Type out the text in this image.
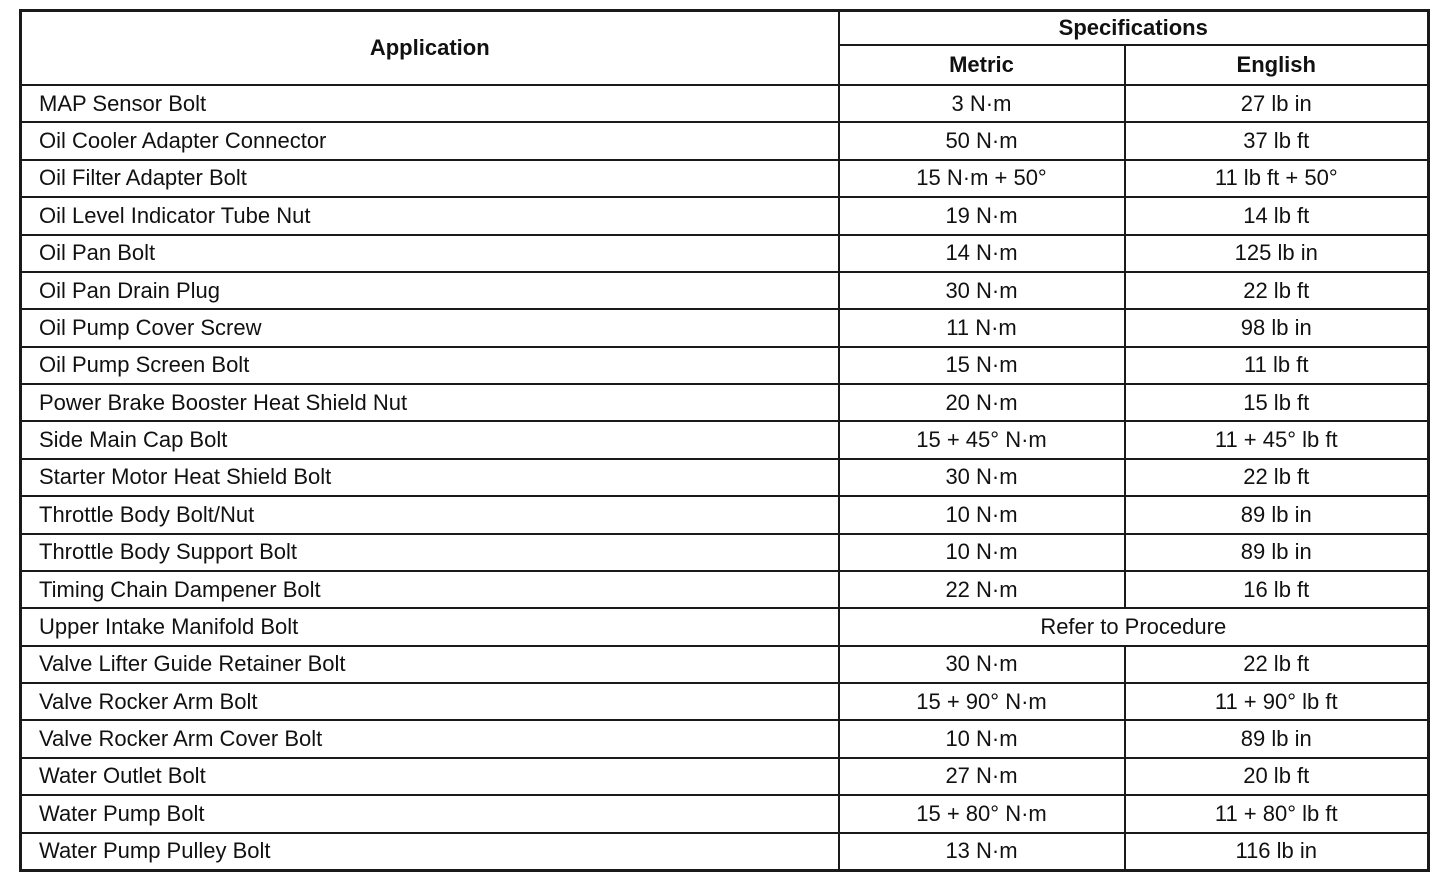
Application	Specifications	
	Metric	English
MAP Sensor Bolt	3 N·m	27 lb in
Oil Cooler Adapter Connector	50 N·m	37 lb ft
Oil Filter Adapter Bolt	15 N·m + 50°	11 lb ft + 50°
Oil Level Indicator Tube Nut	19 N·m	14 lb ft
Oil Pan Bolt	14 N·m	125 lb in
Oil Pan Drain Plug	30 N·m	22 lb ft
Oil Pump Cover Screw	11 N·m	98 lb in
Oil Pump Screen Bolt	15 N·m	11 lb ft
Power Brake Booster Heat Shield Nut	20 N·m	15 lb ft
Side Main Cap Bolt	15 + 45° N·m	11 + 45° lb ft
Starter Motor Heat Shield Bolt	30 N·m	22 lb ft
Throttle Body Bolt/Nut	10 N·m	89 lb in
Throttle Body Support Bolt	10 N·m	89 lb in
Timing Chain Dampener Bolt	22 N·m	16 lb ft
Upper Intake Manifold Bolt	Refer to Procedure	
Valve Lifter Guide Retainer Bolt	30 N·m	22 lb ft
Valve Rocker Arm Bolt	15 + 90° N·m	11 + 90° lb ft
Valve Rocker Arm Cover Bolt	10 N·m	89 lb in
Water Outlet Bolt	27 N·m	20 lb ft
Water Pump Bolt	15 + 80° N·m	11 + 80° lb ft
Water Pump Pulley Bolt	13 N·m	116 lb in
